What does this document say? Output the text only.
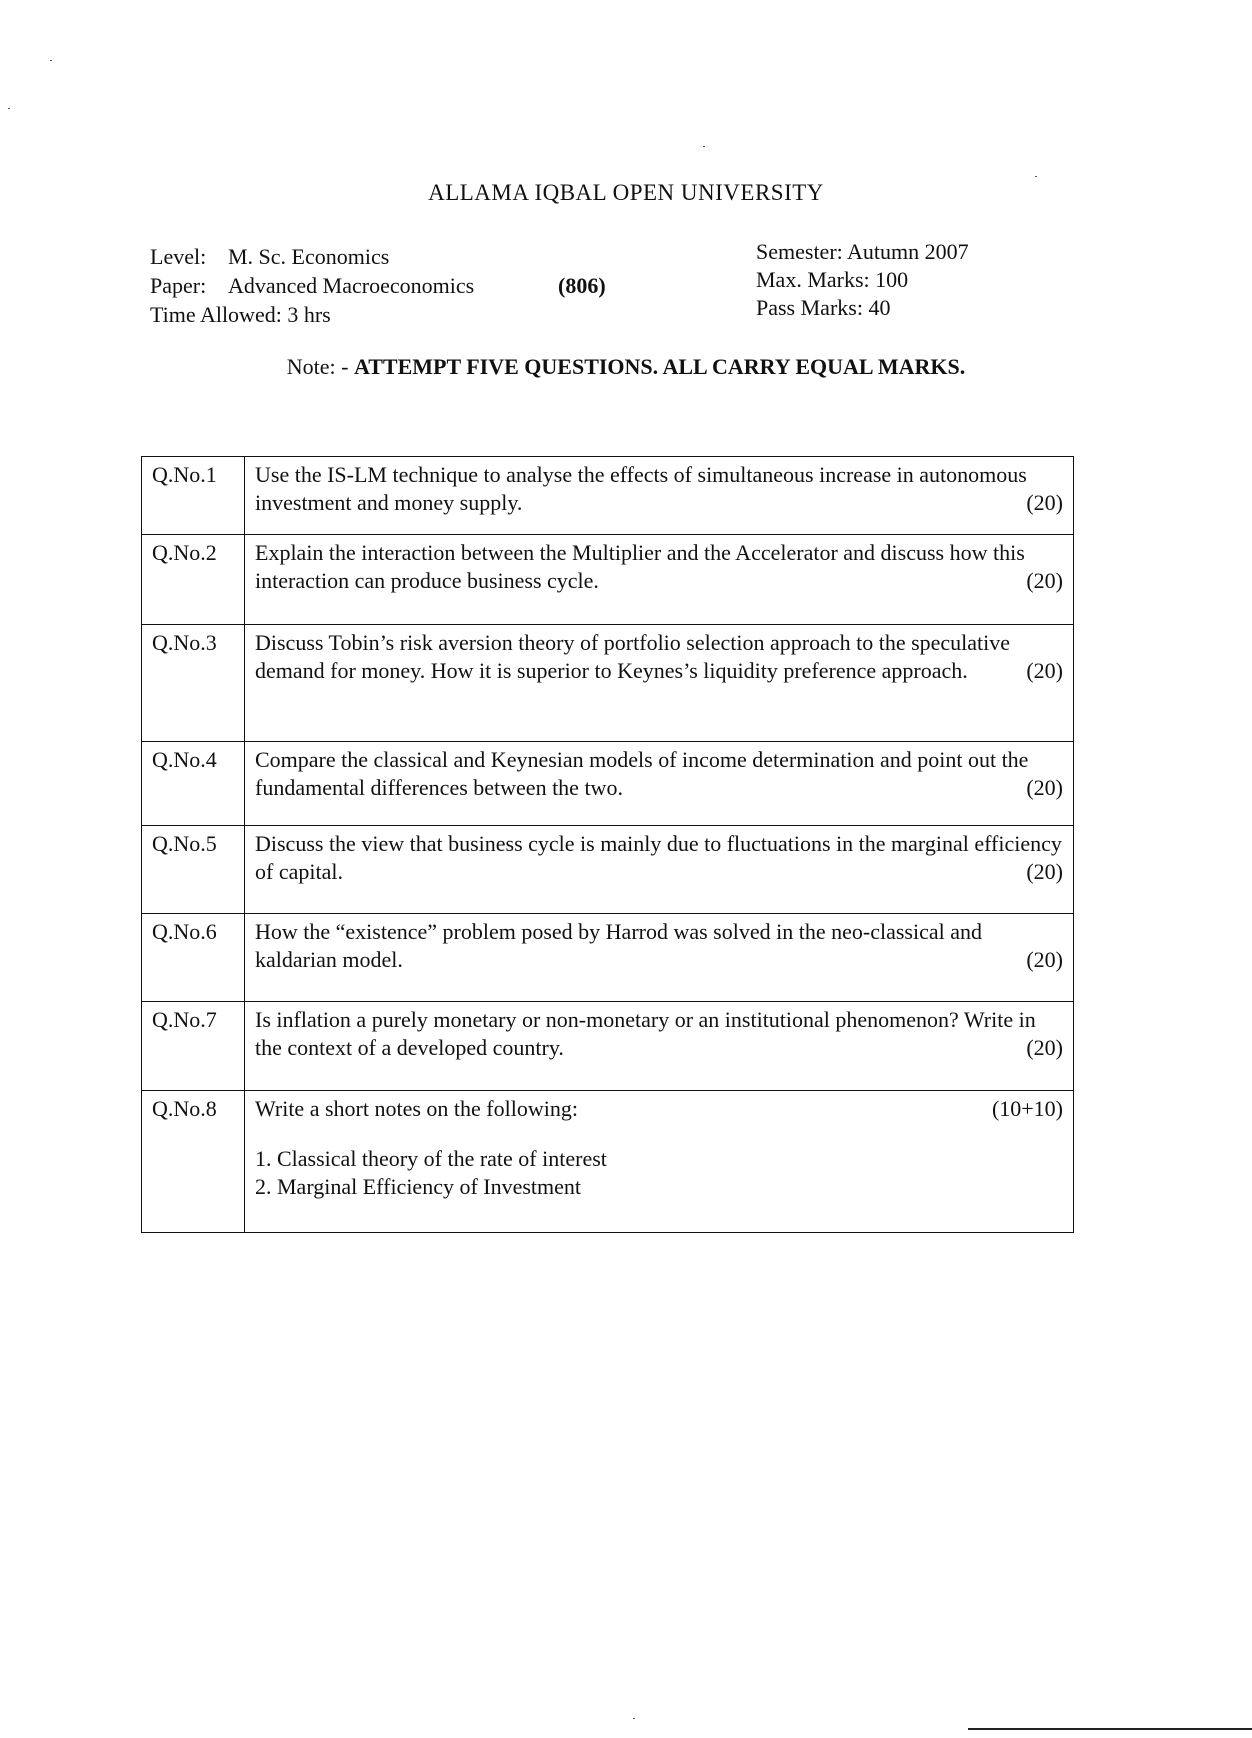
ALLAMA IQBAL OPEN UNIVERSITY
Level: M. Sc. Economics
Paper: Advanced Macroeconomics
Time Allowed: 3 hrs
(806)
Semester: Autumn 2007
Max. Marks: 100
Pass Marks: 40
Note: - ATTEMPT FIVE QUESTIONS. ALL CARRY EQUAL MARKS.
Q.No.1	Use the IS-LM technique to analyse the effects of simultaneous increase in autonomous investment and money supply. (20)

Q.No.2	Explain the interaction between the Multiplier and the Accelerator and discuss how this interaction can produce business cycle. (20)

Q.No.3	Discuss Tobin’s risk aversion theory of portfolio selection approach to the speculative demand for money. How it is superior to Keynes’s liquidity preference approach. (20)

Q.No.4	Compare the classical and Keynesian models of income determination and point out the fundamental differences between the two. (20)

Q.No.5	Discuss the view that business cycle is mainly due to fluctuations in the marginal efficiency of capital. (20)

Q.No.6	How the “existence” problem posed by Harrod was solved in the neo-classical and kaldarian model. (20)

Q.No.7	Is inflation a purely monetary or non-monetary or an institutional phenomenon? Write in the context of a developed country. (20)

Q.No.8	(10+10)
Write a short notes on the following:
1. Classical theory of the rate of interest
2. Marginal Efficiency of Investment
